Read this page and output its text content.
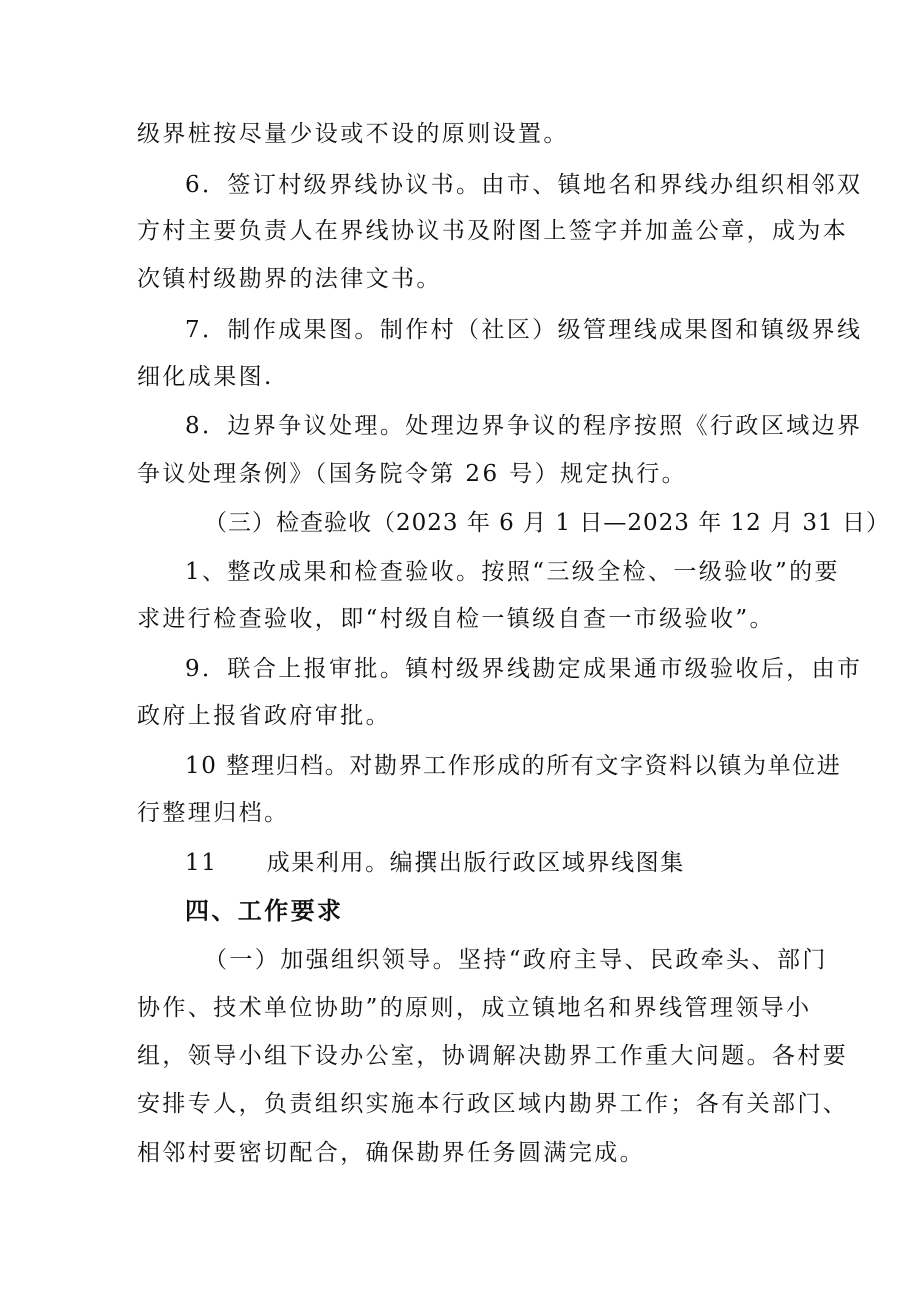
级界桩按尽量少设或不设的原则设置。
6．签订村级界线协议书。由市、镇地名和界线办组织相邻双
方村主要负责人在界线协议书及附图上签字并加盖公章，成为本
次镇村级勘界的法律文书。
7．制作成果图。制作村（社区）级管理线成果图和镇级界线
细化成果图.
8．边界争议处理。处理边界争议的程序按照《行政区域边界
争议处理条例》（国务院令第 26 号）规定执行。
（三）检查验收（2023 年 6 月 1 日—2023 年 12 月 31 日）
1、整改成果和检查验收。按照“三级全检、一级验收”的要
求进行检查验收，即“村级自检一镇级自查一市级验收”。
9．联合上报审批。镇村级界线勘定成果通市级验收后，由市
政府上报省政府审批。
10 整理归档。对勘界工作形成的所有文字资料以镇为单位进
行整理归档。
11　　成果利用。编撰出版行政区域界线图集
四、工作要求
（一）加强组织领导。坚持“政府主导、民政牵头、部门
协作、技术单位协助”的原则，成立镇地名和界线管理领导小
组，领导小组下设办公室，协调解决勘界工作重大问题。各村要
安排专人，负责组织实施本行政区域内勘界工作；各有关部门、
相邻村要密切配合，确保勘界任务圆满完成。
